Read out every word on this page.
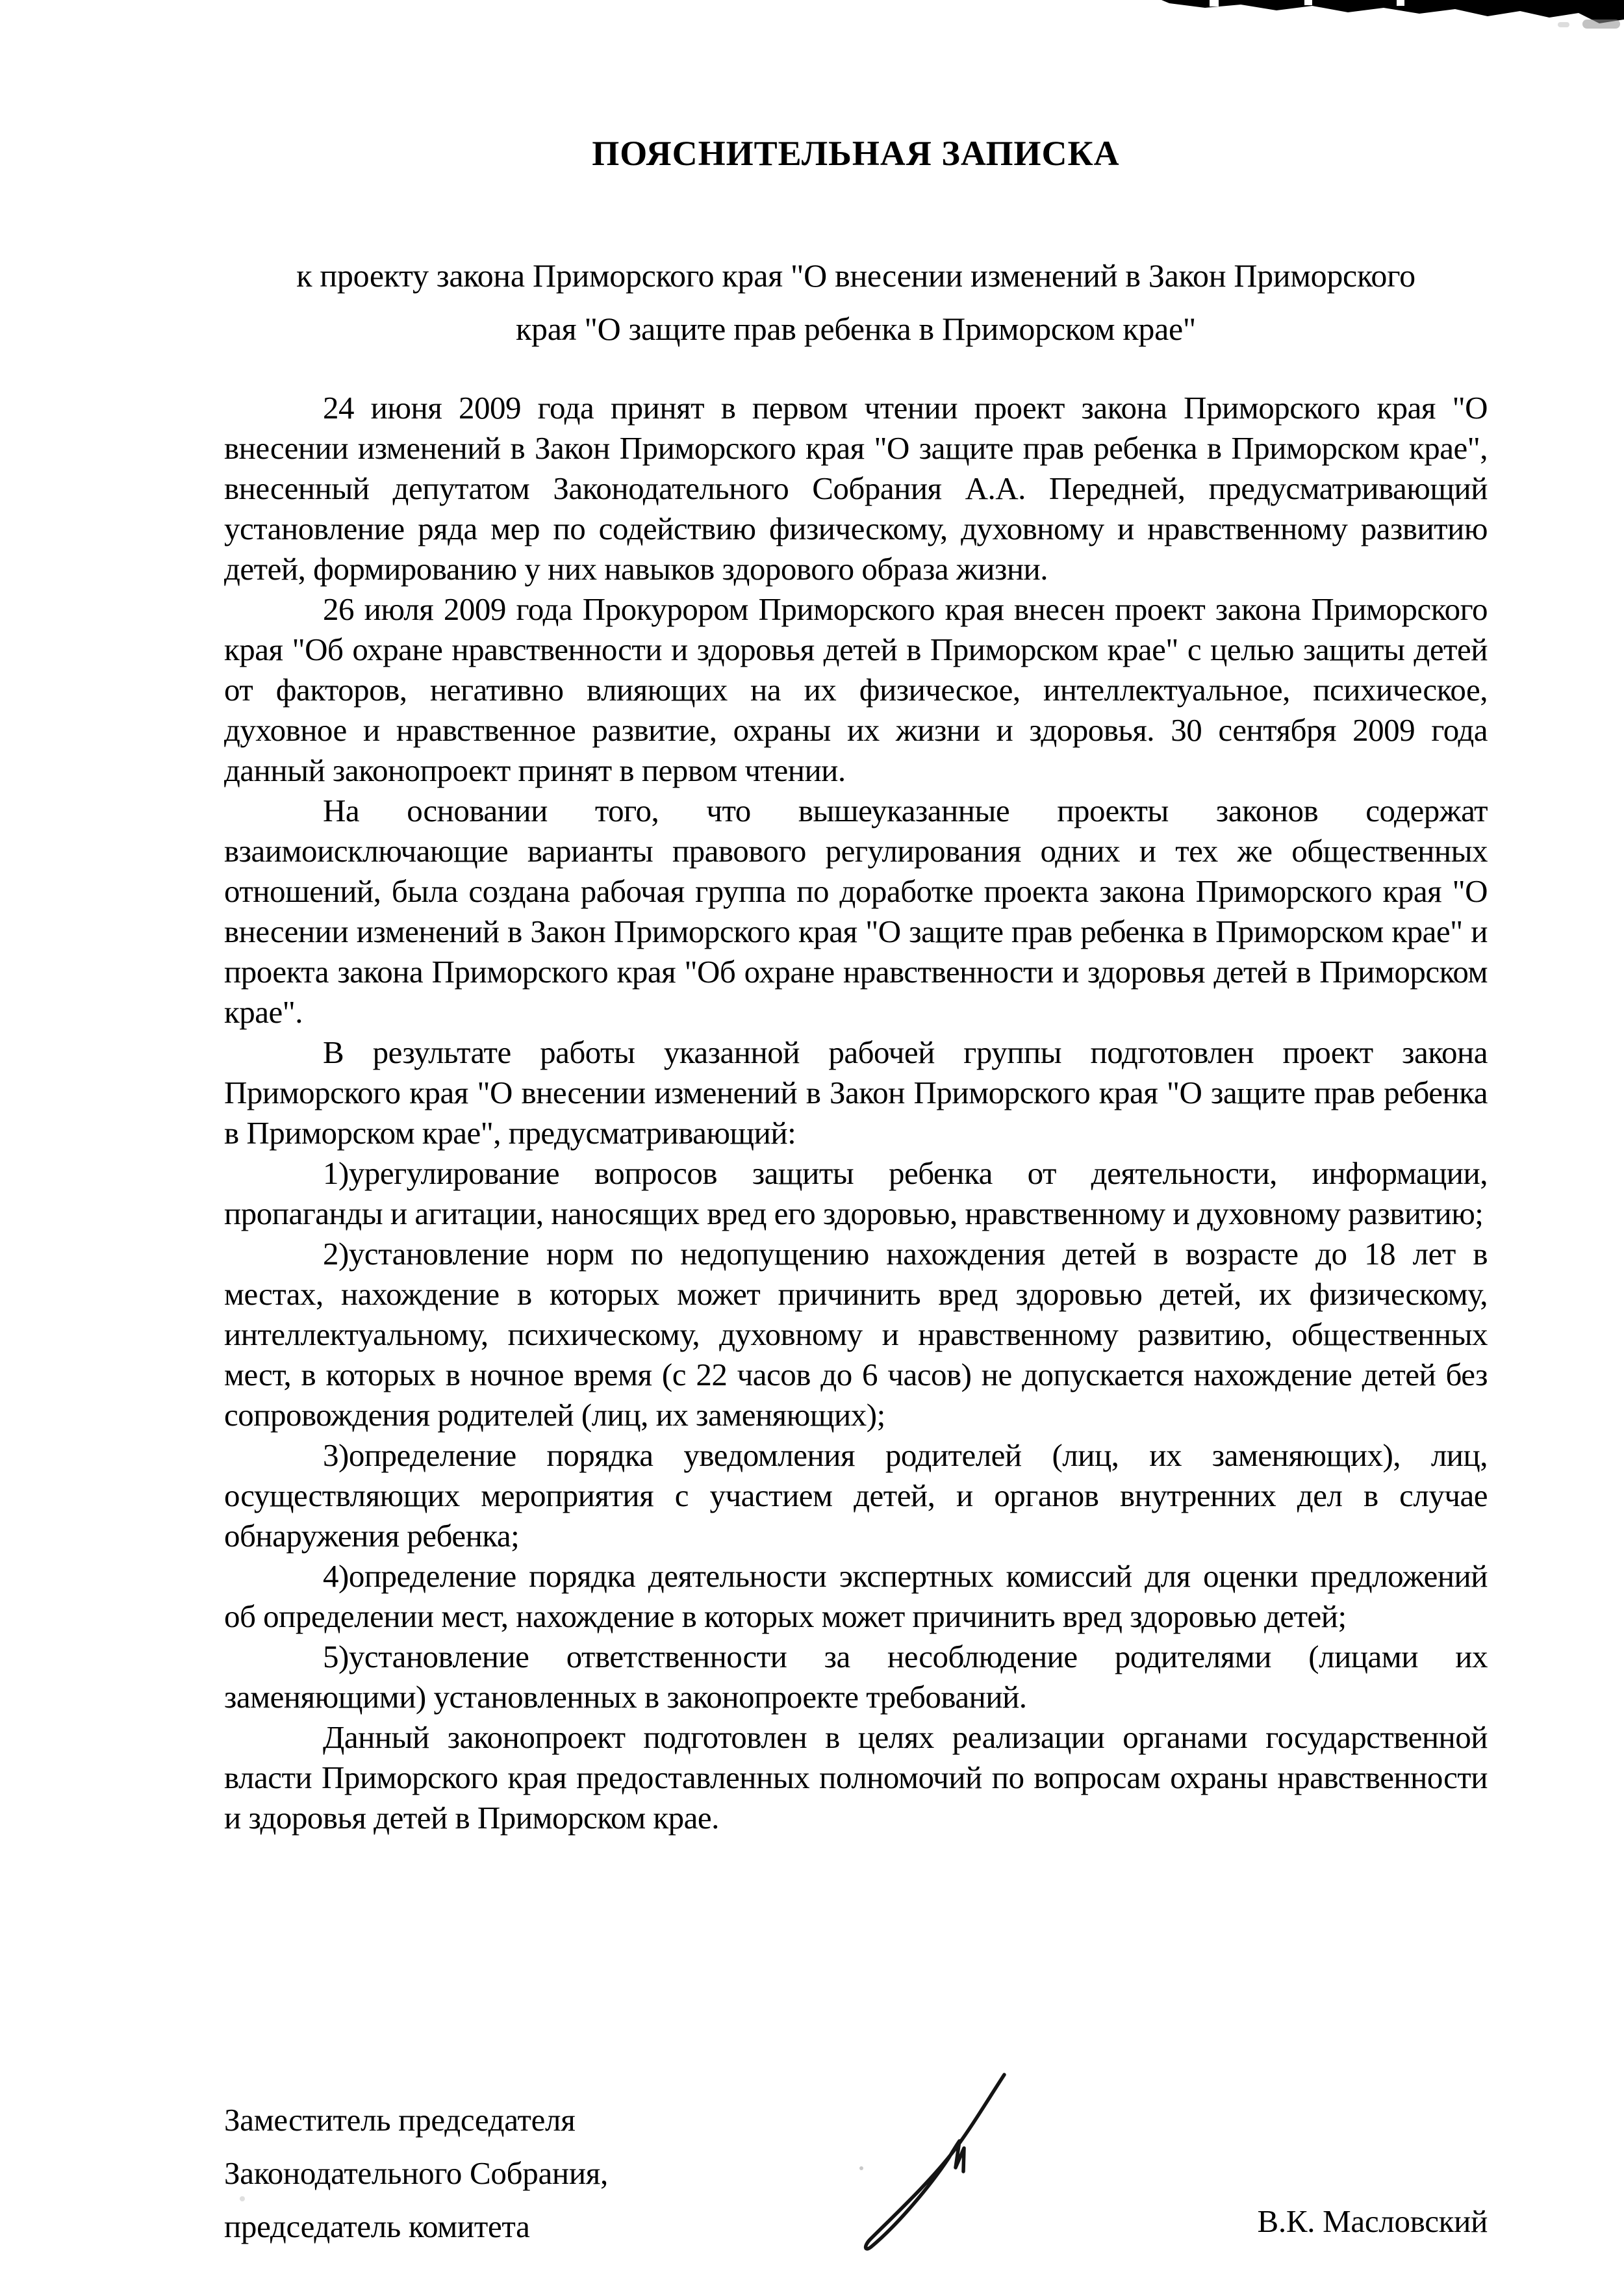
ПОЯСНИТЕЛЬНАЯ ЗАПИСКА
к проекту закона Приморского края "О внесении изменений в Закон Приморского
края "О защите прав ребенка в Приморском крае"

24 июня 2009 года принят в первом чтении проект закона Приморского края "О внесении изменений в Закон Приморского края "О защите прав ребенка в Приморском крае", внесенный депутатом Законодательного Собрания А.А. Передней, предусматривающий установление ряда мер по содействию физическому, духовному и нравственному развитию детей, формированию у них навыков здорового образа жизни.

26 июля 2009 года Прокурором Приморского края внесен проект закона Приморского края "Об охране нравственности и здоровья детей в Приморском крае" с целью защиты детей от факторов, негативно влияющих на их физическое, интеллектуальное, психическое, духовное и нравственное развитие, охраны их жизни и здоровья. 30 сентября 2009 года данный законопроект принят в первом чтении.

На основании того, что вышеуказанные проекты законов содержат взаимоисключающие варианты правового регулирования одних и тех же общественных отношений, была создана рабочая группа по доработке проекта закона Приморского края "О внесении изменений в Закон Приморского края "О защите прав ребенка в Приморском крае" и проекта закона Приморского края "Об охране нравственности и здоровья детей в Приморском крае".

В результате работы указанной рабочей группы подготовлен проект закона Приморского края "О внесении изменений в Закон Приморского края "О защите прав ребенка в Приморском крае", предусматривающий:

1)урегулирование вопросов защиты ребенка от деятельности, информации, пропаганды и агитации, наносящих вред его здоровью, нравственному и духовному развитию;

2)установление норм по недопущению нахождения детей в возрасте до 18 лет в местах, нахождение в которых может причинить вред здоровью детей, их физическому, интеллектуальному, психическому, духовному и нравственному развитию, общественных мест, в которых в ночное время (с 22 часов до 6 часов) не допускается нахождение детей без сопровождения родителей (лиц, их заменяющих);

3)определение порядка уведомления родителей (лиц, их заменяющих), лиц, осуществляющих мероприятия с участием детей, и органов внутренних дел в случае обнаружения ребенка;

4)определение порядка деятельности экспертных комиссий для оценки предложений об определении мест, нахождение в которых может причинить вред здоровью детей;

5)установление ответственности за несоблюдение родителями (лицами их заменяющими) установленных в законопроекте требований.

Данный законопроект подготовлен в целях реализации органами государственной власти Приморского края предоставленных полномочий по вопросам охраны нравственности и здоровья детей в Приморском крае.

Заместитель председателя
Законодательного Собрания,
председатель комитета	В.К. Масловский
